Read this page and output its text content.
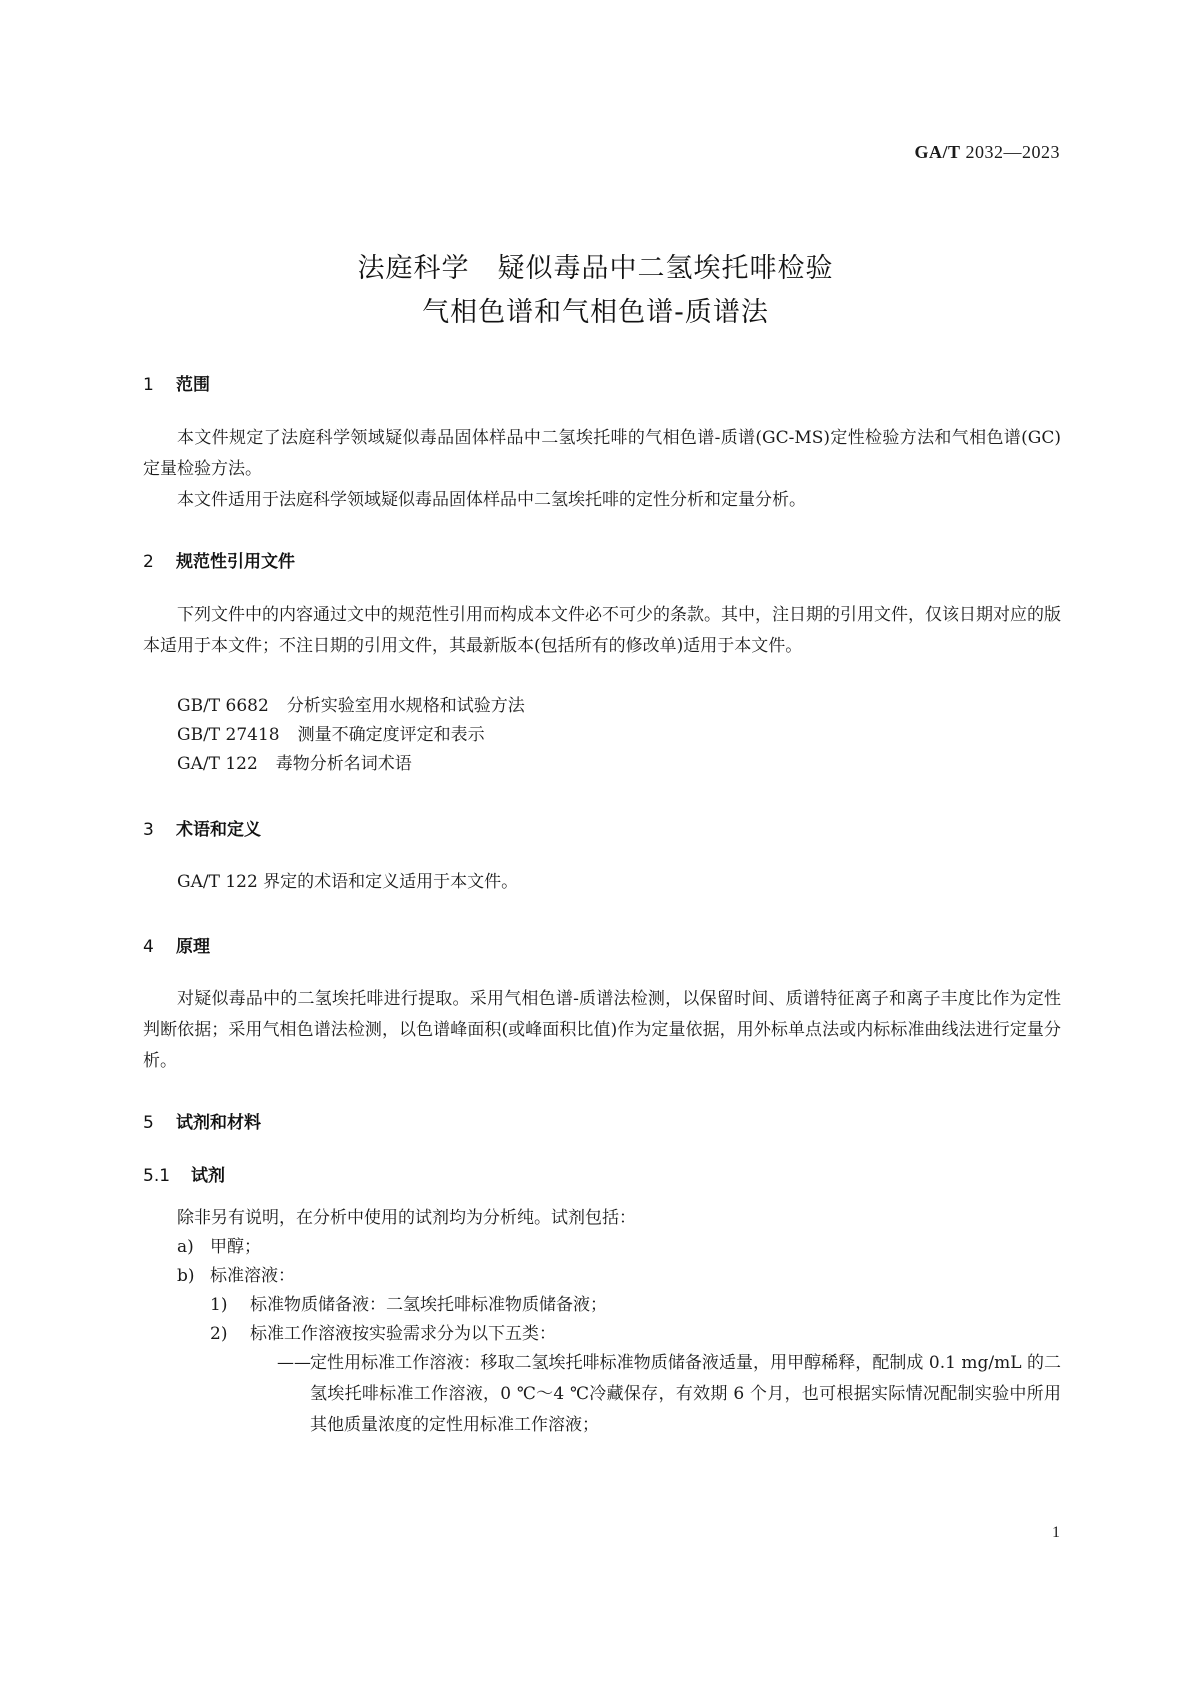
GA/T 2032—2023
法庭科学　疑似毒品中二氢埃托啡检验
气相色谱和气相色谱-质谱法
1 范围
本文件规定了法庭科学领域疑似毒品固体样品中二氢埃托啡的气相色谱-质谱(GC-MS)定性检验方法和气相色谱(GC)定量检验方法。
本文件适用于法庭科学领域疑似毒品固体样品中二氢埃托啡的定性分析和定量分析。
2 规范性引用文件
下列文件中的内容通过文中的规范性引用而构成本文件必不可少的条款。其中，注日期的引用文件，仅该日期对应的版本适用于本文件；不注日期的引用文件，其最新版本(包括所有的修改单)适用于本文件。
GB/T 6682 分析实验室用水规格和试验方法
GB/T 27418 测量不确定度评定和表示
GA/T 122 毒物分析名词术语
3 术语和定义
GA/T 122 界定的术语和定义适用于本文件。
4 原理
对疑似毒品中的二氢埃托啡进行提取。采用气相色谱-质谱法检测，以保留时间、质谱特征离子和离子丰度比作为定性判断依据；采用气相色谱法检测，以色谱峰面积(或峰面积比值)作为定量依据，用外标单点法或内标标准曲线法进行定量分析。
5 试剂和材料
5.1 试剂
除非另有说明，在分析中使用的试剂均为分析纯。试剂包括：
a) 甲醇；
b) 标准溶液：
1) 标准物质储备液：二氢埃托啡标准物质储备液；
2) 标准工作溶液按实验需求分为以下五类：
—— 定性用标准工作溶液：移取二氢埃托啡标准物质储备液适量，用甲醇稀释，配制成 0.1 mg/mL 的二氢埃托啡标准工作溶液，0 ℃～4 ℃冷藏保存，有效期 6 个月，也可根据实际情况配制实验中所用其他质量浓度的定性用标准工作溶液；
1
